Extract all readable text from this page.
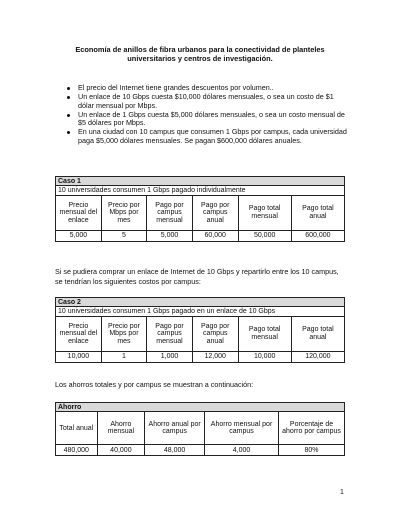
Economía de anillos de fibra urbanos para la conectividad de planteles
universitarios y centros de investigación.
El precio del Internet tiene grandes descuentos por volumen..
Un enlace de 10 Gbps cuesta $10,000 dólares mensuales, o sea un costo de $1 dólar mensual por Mbps.
Un enlace de 1 Gbps cuesta $5,000 dólares mensuales, o sea un costo mensual de $5 dólares por Mbps.
En una ciudad con 10 campus que consumen 1 Gbps por campus, cada universidad paga $5,000 dólares mensuales. Se pagan $600,000 dólares anuales.
Caso 1					
10 universidades consumen 1 Gbps pagado individualmente					
Precio mensual del enlace	Precio por Mbps por mes	Pago por campus mensual	Pago por campus anual	Pago total mensual	Pago total anual
5,000	5	5,000	60,000	50,000	600,000
Si se pudiera comprar un enlace de Internet de 10 Gbps y repartirlo entre los 10 campus, se tendrían los siguientes costos por campus:
Caso 2					
10 universidades consumen 1 Gbps pagado en un enlace de 10 Gbps					
Precio mensual del enlace	Precio por Mbps por mes	Pago por campus mensual	Pago por campus anual	Pago total mensual	Pago total anual
10,000	1	1,000	12,000	10,000	120,000
Los ahorros totales y por campus se muestran a continuación:
Ahorro				
Total anual	Ahorro mensual	Ahorro anual por campus	Ahorro mensual por campus	Porcentaje de ahorro por campus
480,000	40,000	48,000	4,000	80%
1
